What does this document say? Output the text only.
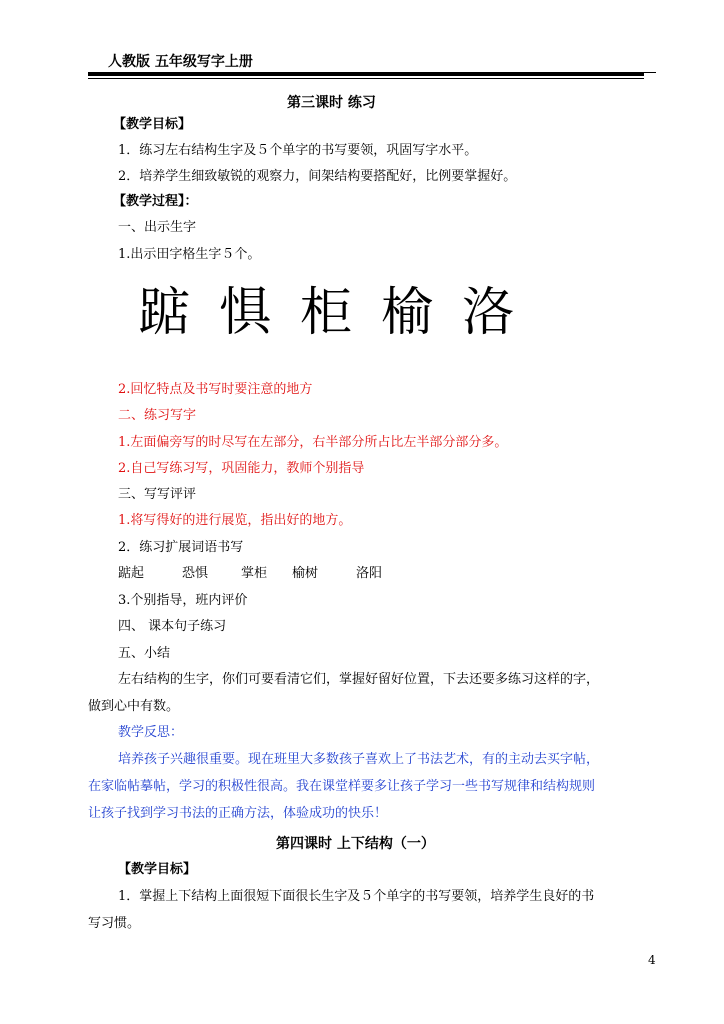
人教版 五年级写字上册
第三课时 练习
【教学目标】
1．练习左右结构生字及５个单字的书写要领，巩固写字水平。
2．培养学生细致敏锐的观察力，间架结构要搭配好，比例要掌握好。
【教学过程】：
一、出示生字
1.出示田字格生字５个。
踮 惧 柜 榆 洛
2.回忆特点及书写时要注意的地方
二、练习写字
1.左面偏旁写的时尽写在左部分，右半部分所占比左半部分部分多。
2.自己写练习写，巩固能力，教师个别指导
三、写写评评
1.将写得好的进行展览，指出好的地方。
2．练习扩展词语书写
踮起	恐惧	掌柜 榆树	洛阳
3.个别指导，班内评价
四、 课本句子练习
五、小结
左右结构的生字，你们可要看清它们，掌握好留好位置，下去还要多练习这样的字，
做到心中有数。
教学反思：
培养孩子兴趣很重要。现在班里大多数孩子喜欢上了书法艺术，有的主动去买字帖，
在家临帖摹帖，学习的积极性很高。我在课堂样要多让孩子学习一些书写规律和结构规则
让孩子找到学习书法的正确方法，体验成功的快乐！
第四课时 上下结构（一）
【教学目标】
1．掌握上下结构上面很短下面很长生字及５个单字的书写要领，培养学生良好的书
写习惯。
4
